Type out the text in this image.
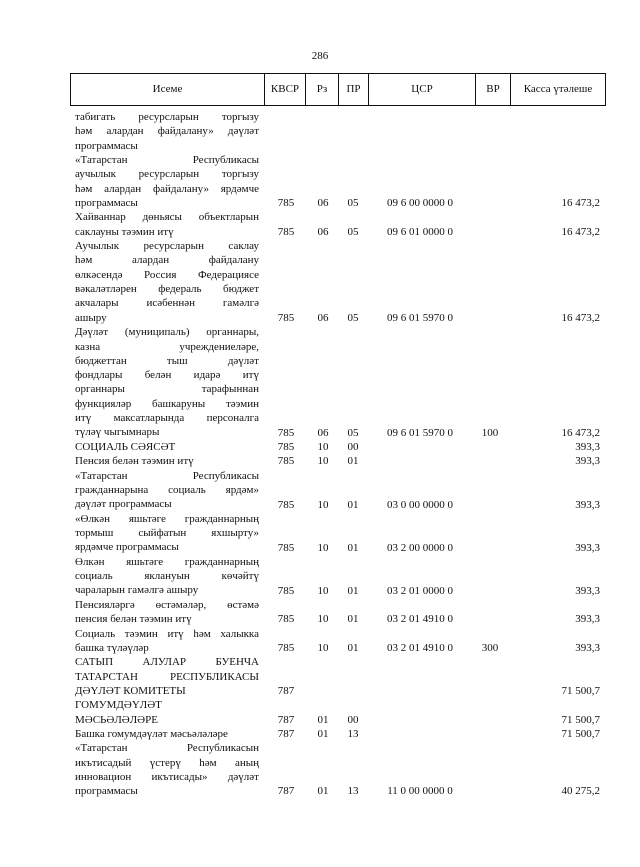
286
Исеме	КВСР	Рз	ПР	ЦСР	ВР	Касса үтәлеше
табигать ресурсларын торгызу
һәм алардан файдалану» дәүләт
программасы
«Татарстан Республикасы
аучылык ресурсларын торгызу
һәм алардан файдалану» ярдәмче
программасы	785	06	05	09 6 00 0000 0	16 473,2
Хайваннар дөньясы объектларын
саклауны тәэмин итү	785	06	05	09 6 01 0000 0	16 473,2
Аучылык ресурсларын саклау
һәм алардан файдалану
өлкәсендә Россия Федерациясе
вәкаләтләрен федераль бюджет
акчалары исәбеннән гамәлгә
ашыру	785	06	05	09 6 01 5970 0	16 473,2
Дәүләт (муниципаль) органнары,
казна учреждениеләре,
бюджеттан тыш дәүләт
фондлары белән идарә итү
органнары тарафыннан
функцияләр башкаруны тәэмин
итү максатларында персоналга
түләү чыгымнары	785	06	05	09 6 01 5970 0	100	16 473,2
СОЦИАЛЬ СӘЯСӘТ	785	10	00	393,3
Пенсия белән тәэмин итү	785	10	01	393,3
«Татарстан Республикасы
гражданнарына социаль ярдәм»
дәүләт программасы	785	10	01	03 0 00 0000 0	393,3
«Өлкән яшьтәге гражданнарның
тормыш сыйфатын яхшырту»
ярдәмче программасы	785	10	01	03 2 00 0000 0	393,3
Өлкән яшьтәге гражданнарның
социаль яклануын көчәйтү
чараларын гамәлгә ашыру	785	10	01	03 2 01 0000 0	393,3
Пенсияләргә өстәмәләр, өстәмә
пенсия белән тәэмин итү	785	10	01	03 2 01 4910 0	393,3
Социаль тәэмин итү һәм халыкка
башка түләүләр	785	10	01	03 2 01 4910 0	300	393,3
САТЫП АЛУЛАР БУЕНЧА
ТАТАРСТАН РЕСПУБЛИКАСЫ
ДӘҮЛӘТ КОМИТЕТЫ	787	71 500,7
ГОМУМДӘҮЛӘТ
МӘСЬӘЛӘЛӘРЕ	787	01	00	71 500,7
Башка гомумдәүләт мәсьәләләре	787	01	13	71 500,7
«Татарстан Республикасын
икътисадый үстерү һәм аның
инновацион икътисады» дәүләт
программасы	787	01	13	11 0 00 0000 0	40 275,2
